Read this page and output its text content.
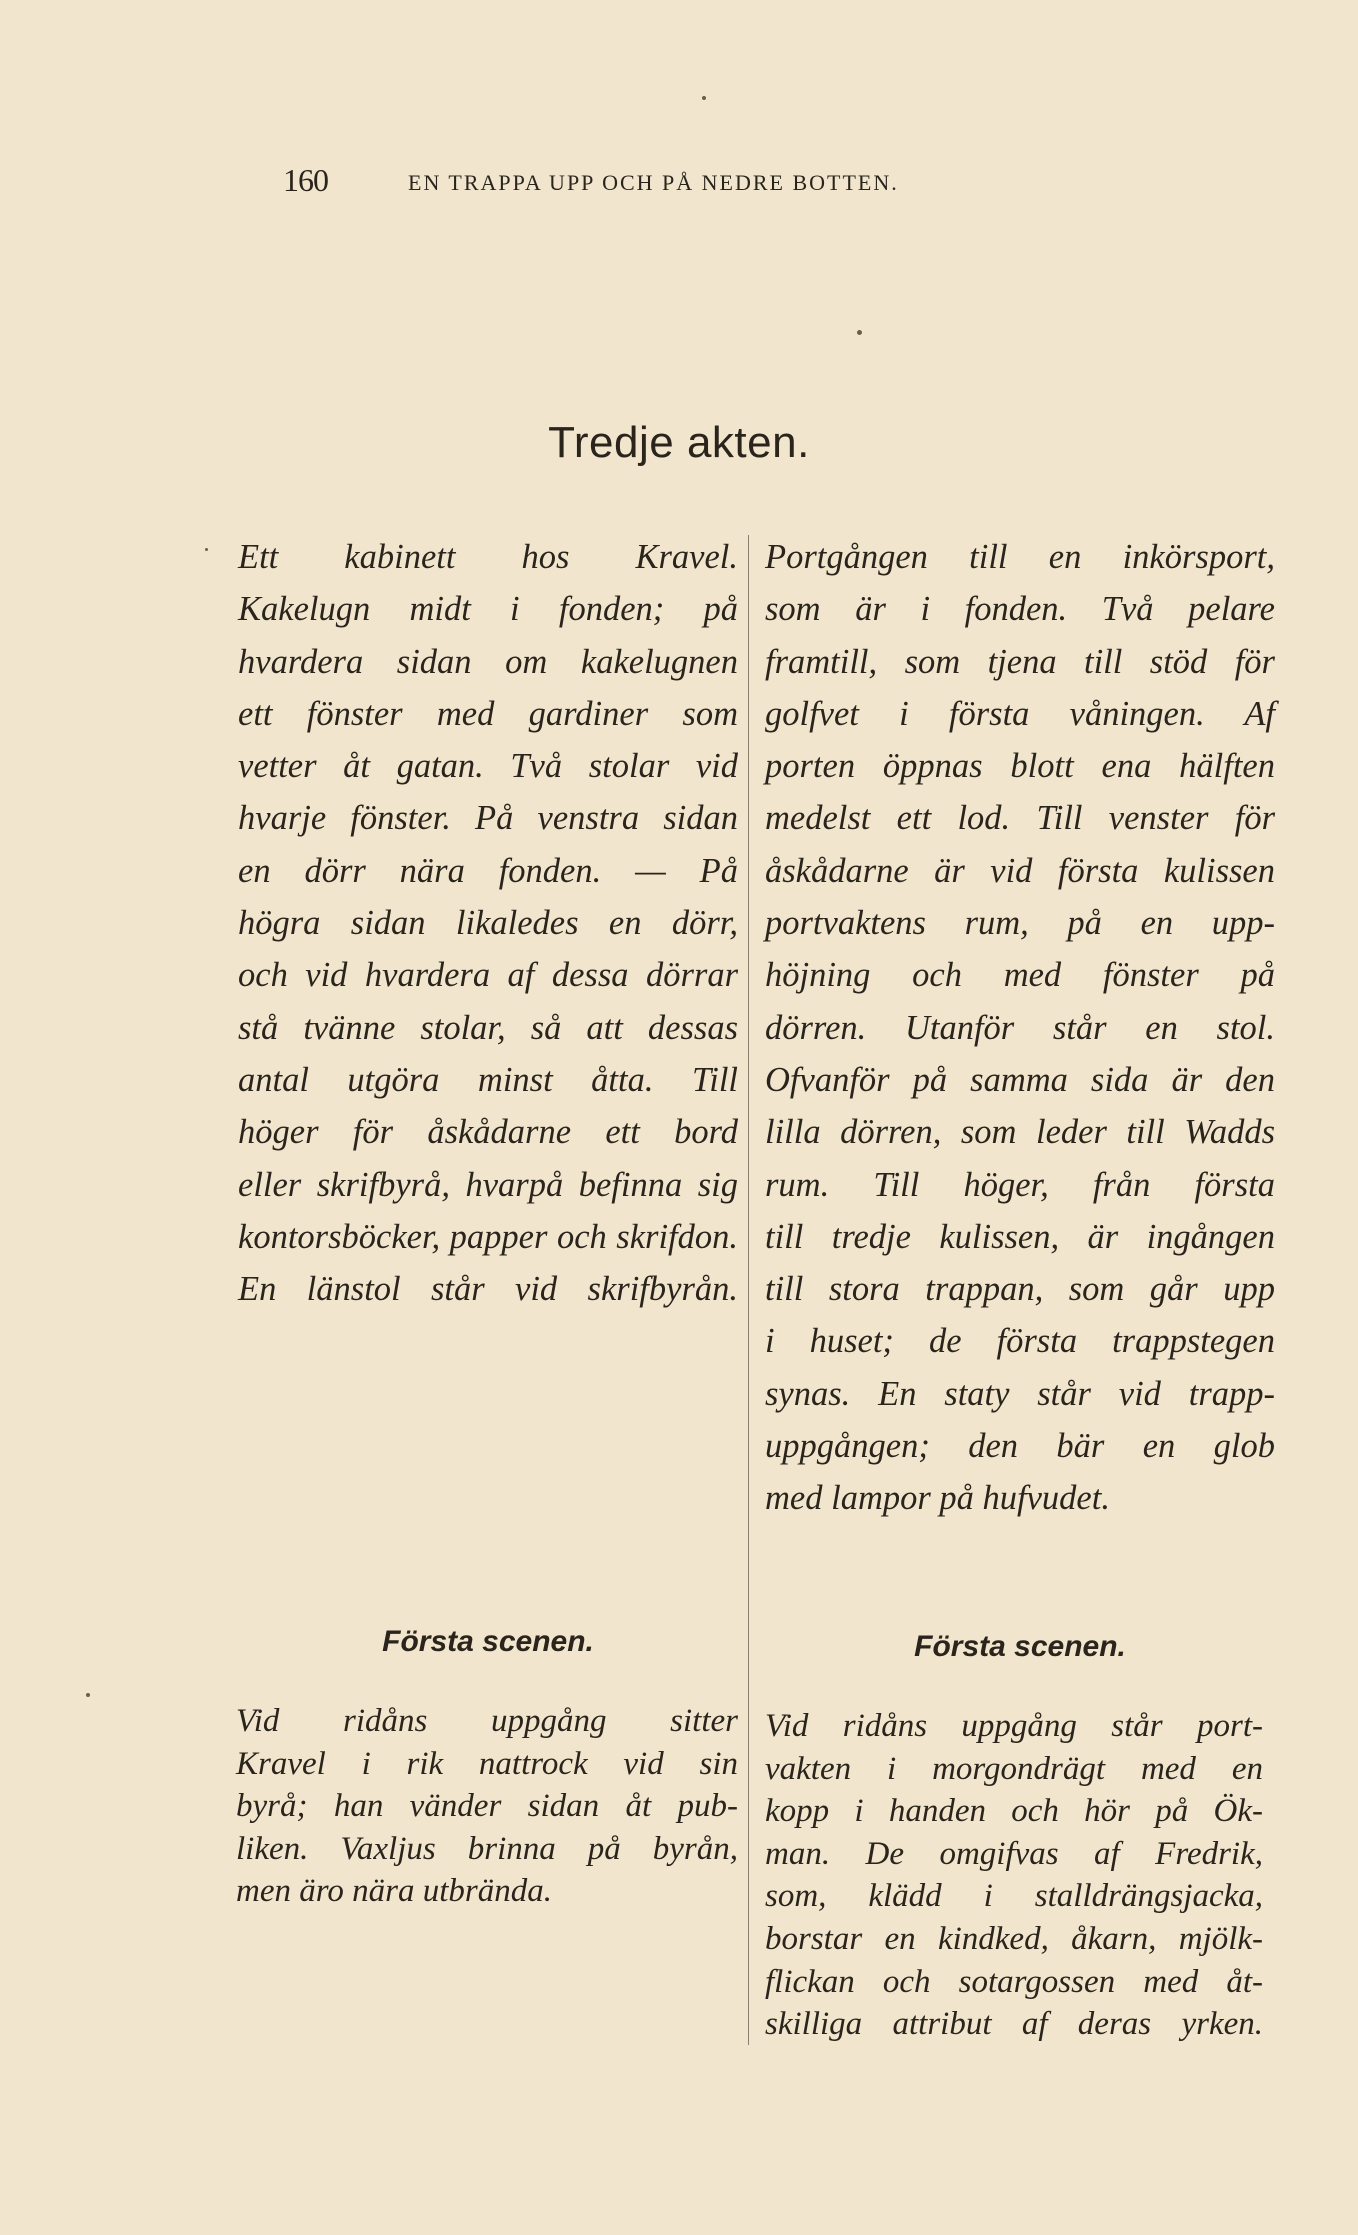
160	EN TRAPPA UPP OCH PÅ NEDRE BOTTEN.
Tredje akten.
Ett kabinett hos Kravel.
Kakelugn midt i fonden; på
hvardera sidan om kakelugnen
ett fönster med gardiner som
vetter åt gatan. Två stolar vid
hvarje fönster. På venstra sidan
en dörr nära fonden. — På
högra sidan likaledes en dörr,
och vid hvardera af dessa dörrar
stå tvänne stolar, så att dessas
antal utgöra minst åtta. Till
höger för åskådarne ett bord
eller skrifbyrå, hvarpå befinna sig
kontorsböcker, papper och skrifdon.
En länstol står vid skrifbyrån.
Portgången till en inkörsport,
som är i fonden. Två pelare
framtill, som tjena till stöd för
golfvet i första våningen. Af
porten öppnas blott ena hälften
medelst ett lod. Till venster för
åskådarne är vid första kulissen
portvaktens rum, på en upp-
höjning och med fönster på
dörren. Utanför står en stol.
Ofvanför på samma sida är den
lilla dörren, som leder till Wadds
rum. Till höger, från första
till tredje kulissen, är ingången
till stora trappan, som går upp
i huset; de första trappstegen
synas. En staty står vid trapp-
uppgången; den bär en glob
med lampor på hufvudet.
Första scenen.
Vid ridåns uppgång sitter
Kravel i rik nattrock vid sin
byrå; han vänder sidan åt pub-
liken. Vaxljus brinna på byrån,
men äro nära utbrända.
Första scenen.
Vid ridåns uppgång står port-
vakten i morgondrägt med en
kopp i handen och hör på Ök-
man. De omgifvas af Fredrik,
som, klädd i stalldrängsjacka,
borstar en kindked, åkarn, mjölk-
flickan och sotargossen med åt-
skilliga attribut af deras yrken.
